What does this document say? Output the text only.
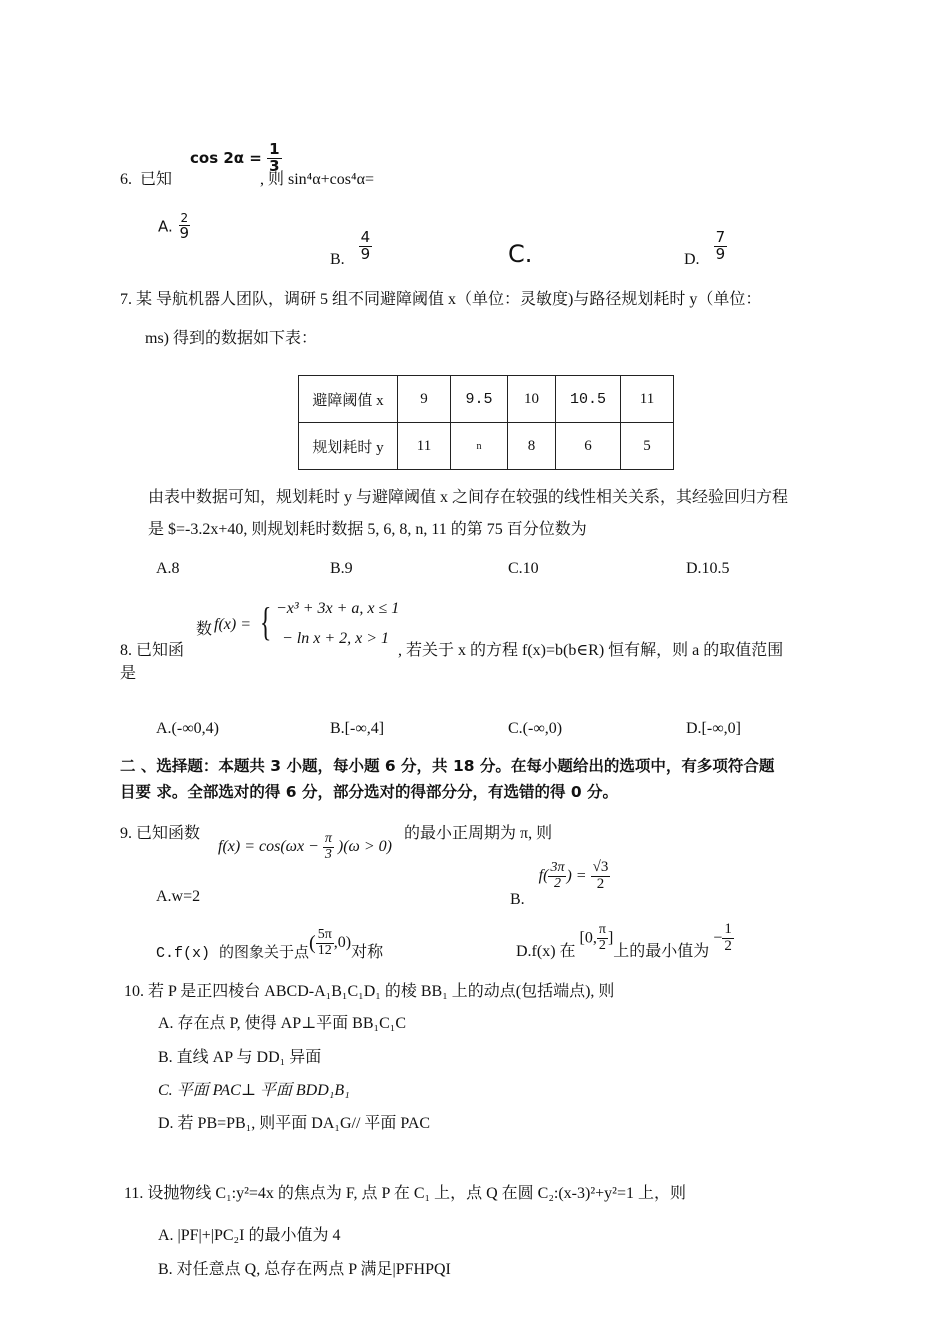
6. 已知
$\cos 2\alpha = \frac{1}{3}$
, 则 sin⁴α+cos⁴α=
A. $\frac{2}{9}$
B. $\frac{4}{9}$	C.	D. $\frac{7}{9}$
7. 某 导航机器人团队，调研 5 组不同避障阈值 x（单位：灵敏度)与路径规划耗时 y（单位：
ms) 得到的数据如下表：
避障阈值 x	9	9.5	10	10.5	11
规划耗时 y	11	n	8	6	5
由表中数据可知，规划耗时 y 与避障阈值 x 之间存在较强的线性相关关系，其经验回归方程
是 $=-3.2x+40, 则规划耗时数据 5, 6, 8, n, 11 的第 75 百分位数为
A.8	B.9	C.10	D.10.5
8. 已知函
是
数 f(x) = { −x³ + 3x + a, x ≤ 1
− ln x + 2, x > 1
, 若关于 x 的方程 f(x)=b(b∈R) 恒有解，则 a 的取值范围
A.(-∞0,4)	B.[-∞,4]	C.(-∞,0)	D.[-∞,0]
二 、选择题：本题共 3 小题，每小题 6 分，共 18 分。在每小题给出的选项中，有多项符合题
目要 求。全部选对的得 6 分，部分选对的得部分分，有选错的得 0 分。
9. 已知函数
$f(x) = \cos(\omega x - \frac{\pi}{3} )(\omega > 0)$
的最小正周期为 π, 则
A.w=2	B. $f( \frac{3\pi}{2}$ ) = $\frac{√3}{2}$
C.f(x) 的图象关于点( $\frac{5\pi}{12} ,0$)对称	D.f(x) 在 [0, $\frac{\pi}{2}$ ]上的最小值为 − $\frac{1}{2}$
10. 若 P 是正四棱台 ABCD-A₁B₁C₁D₁ 的棱 BB₁ 上的动点(包括端点), 则
A. 存在点 P, 使得 AP⊥平面 BB₁C₁C
B. 直线 AP 与 DD₁ 异面
C. 平面 PAC⊥ 平面 BDD₁B₁
D. 若 PB=PB₁, 则平面 DA₁G// 平面 PAC
11. 设抛物线 C₁:y²=4x 的焦点为 F, 点 P 在 C₁ 上，点 Q 在圆 C₂:(x-3)²+y²=1 上，则
A. |PF|+|PC₂I 的最小值为 4
B. 对任意点 Q, 总存在两点 P 满足|PFHPQI
